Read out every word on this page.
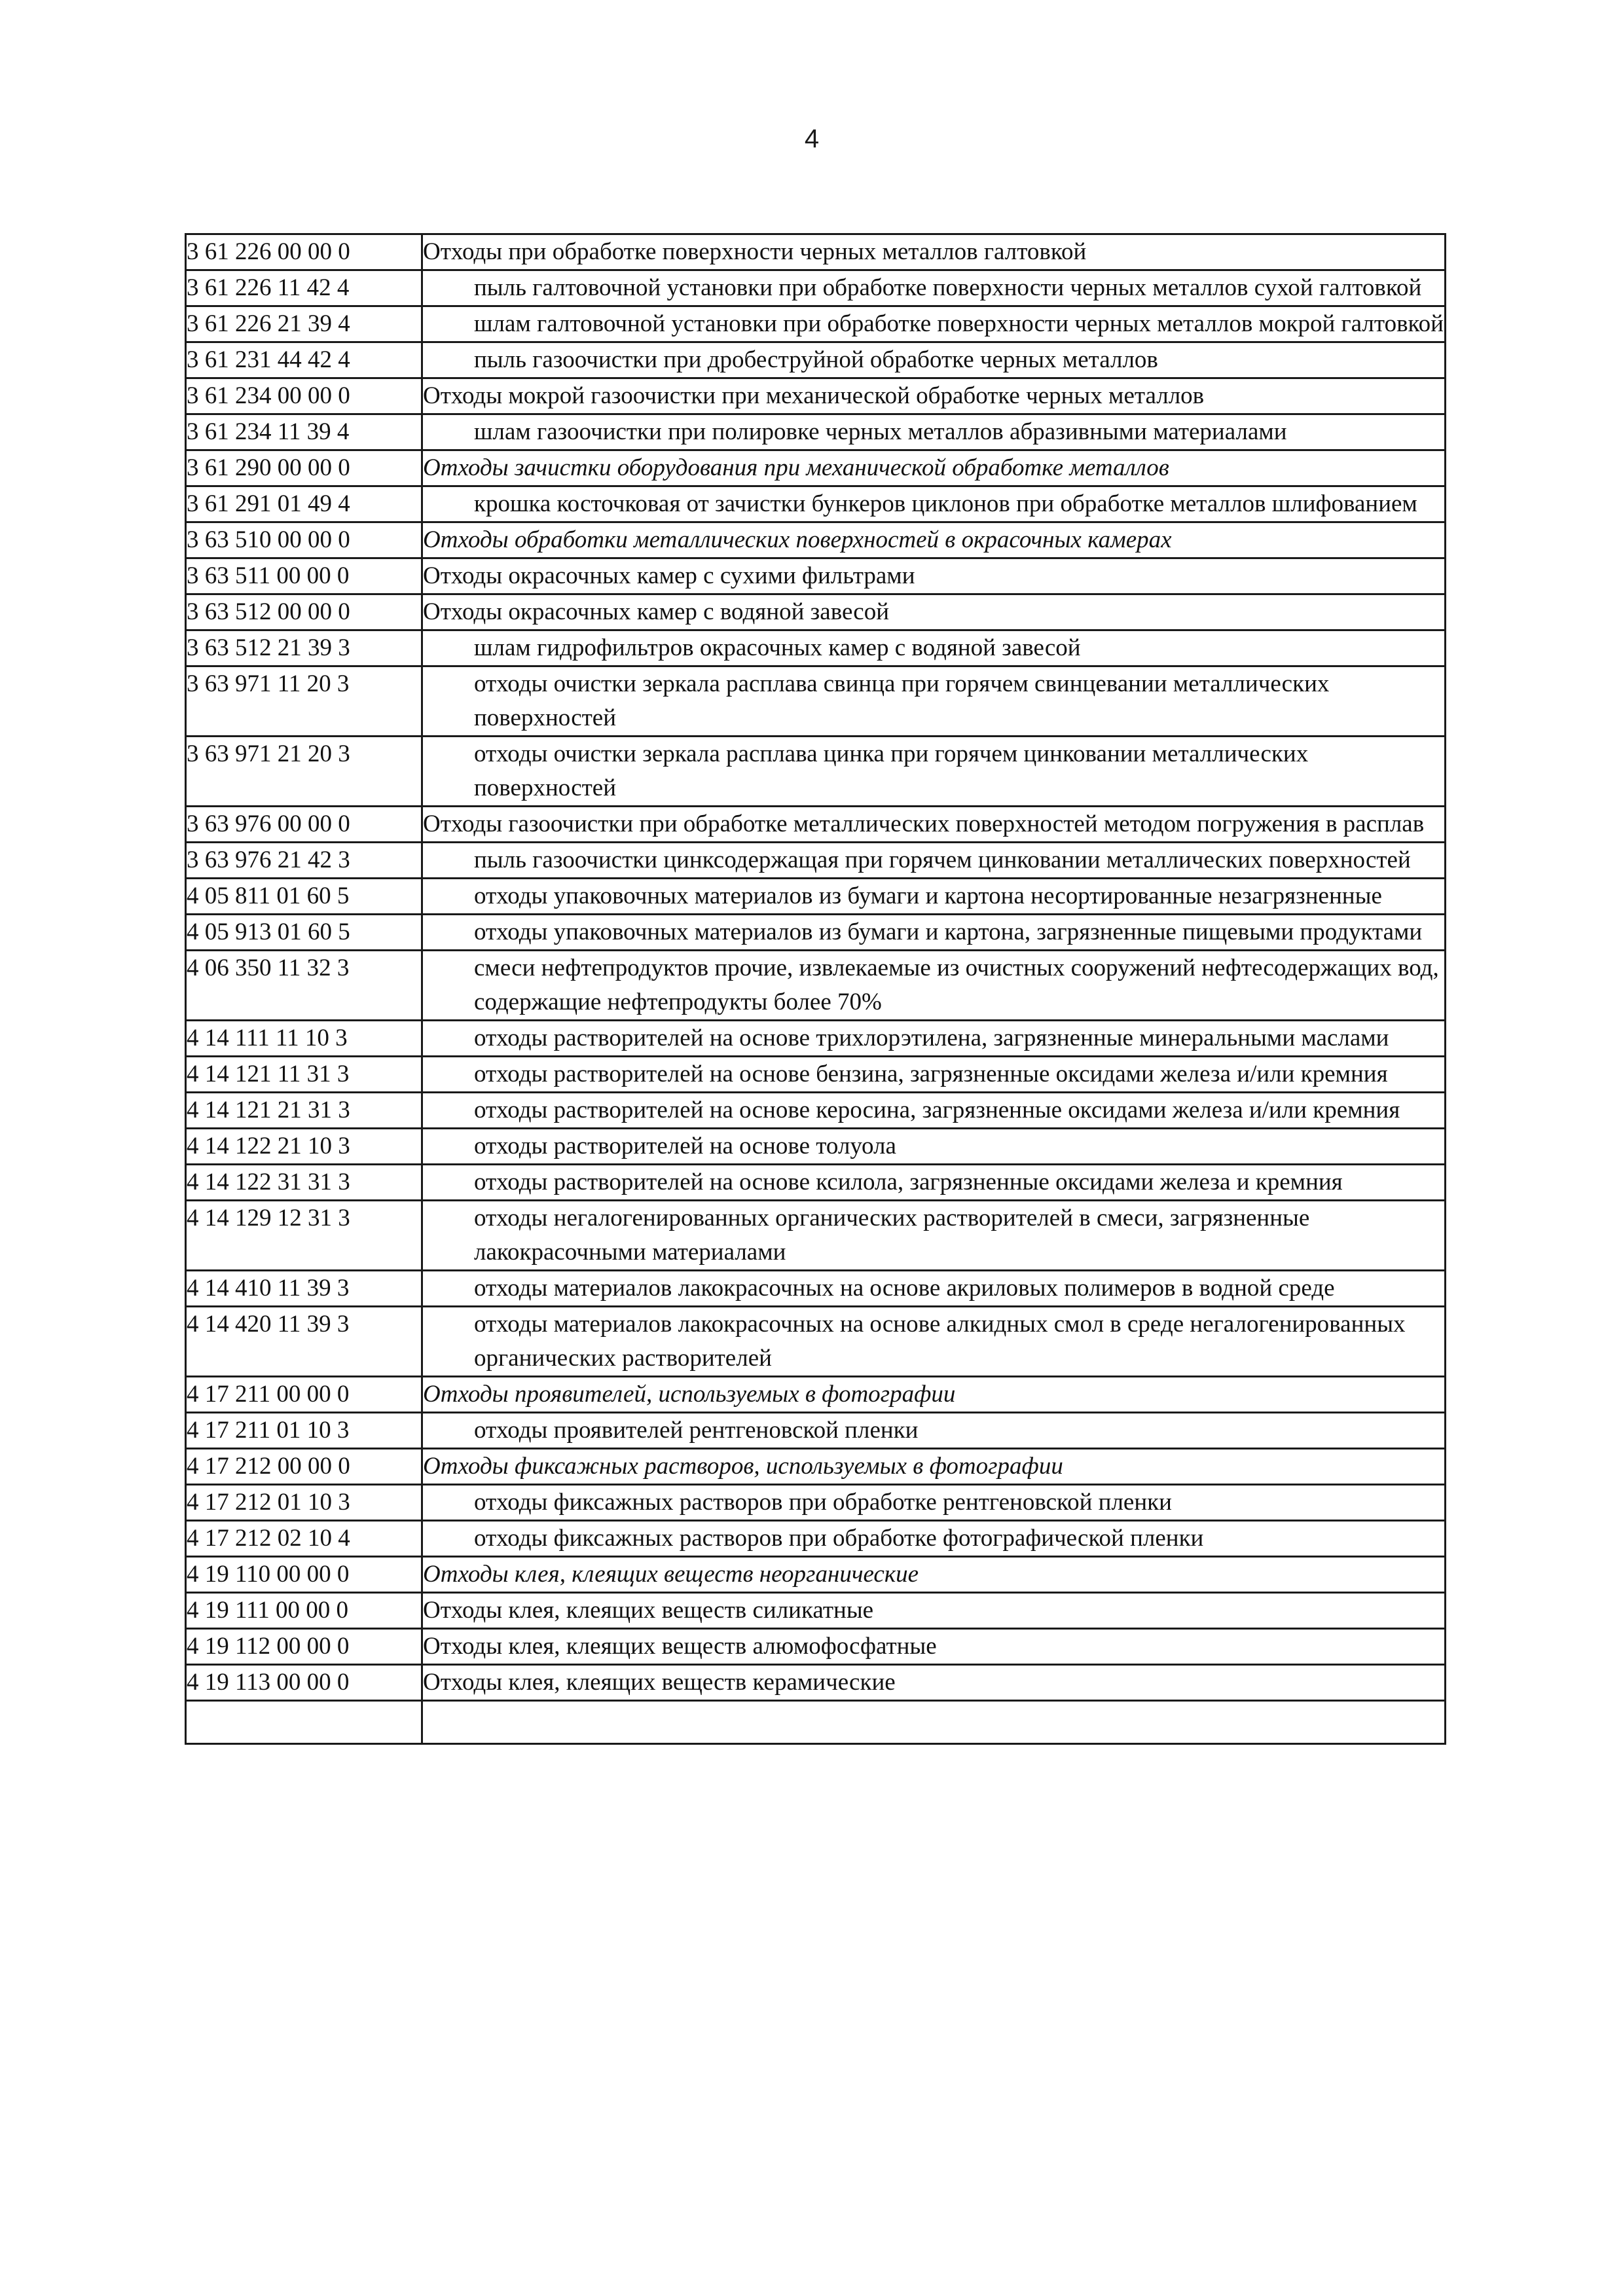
4
3 61 226 00 00 0	Отходы при обработке поверхности черных металлов галтовкой
3 61 226 11 42 4	пыль галтовочной установки при обработке поверхности черных металлов сухой галтовкой
3 61 226 21 39 4	шлам галтовочной установки при обработке поверхности черных металлов мокрой галтовкой
3 61 231 44 42 4	пыль газоочистки при дробеструйной обработке черных металлов
3 61 234 00 00 0	Отходы мокрой газоочистки при механической обработке черных металлов
3 61 234 11 39 4	шлам газоочистки при полировке черных металлов абразивными материалами
3 61 290 00 00 0	Отходы зачистки оборудования при механической обработке металлов
3 61 291 01 49 4	крошка косточковая от зачистки бункеров циклонов при обработке металлов шлифованием
3 63 510 00 00 0	Отходы обработки металлических поверхностей в окрасочных камерах
3 63 511 00 00 0	Отходы окрасочных камер с сухими фильтрами
3 63 512 00 00 0	Отходы окрасочных камер с водяной завесой
3 63 512 21 39 3	шлам гидрофильтров окрасочных камер с водяной завесой
3 63 971 11 20 3	отходы очистки зеркала расплава свинца при горячем свинцевании металлических поверхностей
3 63 971 21 20 3	отходы очистки зеркала расплава цинка при горячем цинковании металлических поверхностей
3 63 976 00 00 0	Отходы газоочистки при обработке металлических поверхностей методом погружения в расплав
3 63 976 21 42 3	пыль газоочистки цинксодержащая при горячем цинковании металлических поверхностей
4 05 811 01 60 5	отходы упаковочных материалов из бумаги и картона несортированные незагрязненные
4 05 913 01 60 5	отходы упаковочных материалов из бумаги и картона, загрязненные пищевыми продуктами
4 06 350 11 32 3	смеси нефтепродуктов прочие, извлекаемые из очистных сооружений нефтесодержащих вод, содержащие нефтепродукты более 70%
4 14 111 11 10 3	отходы растворителей на основе трихлорэтилена, загрязненные минеральными маслами
4 14 121 11 31 3	отходы растворителей на основе бензина, загрязненные оксидами железа и/или кремния
4 14 121 21 31 3	отходы растворителей на основе керосина, загрязненные оксидами железа и/или кремния
4 14 122 21 10 3	отходы растворителей на основе толуола
4 14 122 31 31 3	отходы растворителей на основе ксилола, загрязненные оксидами железа и кремния
4 14 129 12 31 3	отходы негалогенированных органических растворителей в смеси, загрязненные лакокрасочными материалами
4 14 410 11 39 3	отходы материалов лакокрасочных на основе акриловых полимеров в водной среде
4 14 420 11 39 3	отходы материалов лакокрасочных на основе алкидных смол в среде негалогенированных органических растворителей
4 17 211 00 00 0	Отходы проявителей, используемых в фотографии
4 17 211 01 10 3	отходы проявителей рентгеновской пленки
4 17 212 00 00 0	Отходы фиксажных растворов, используемых в фотографии
4 17 212 01 10 3	отходы фиксажных растворов при обработке рентгеновской пленки
4 17 212 02 10 4	отходы фиксажных растворов при обработке фотографической пленки
4 19 110 00 00 0	Отходы клея, клеящих веществ неорганические
4 19 111 00 00 0	Отходы клея, клеящих веществ силикатные
4 19 112 00 00 0	Отходы клея, клеящих веществ алюмофосфатные
4 19 113 00 00 0	Отходы клея, клеящих веществ керамические
